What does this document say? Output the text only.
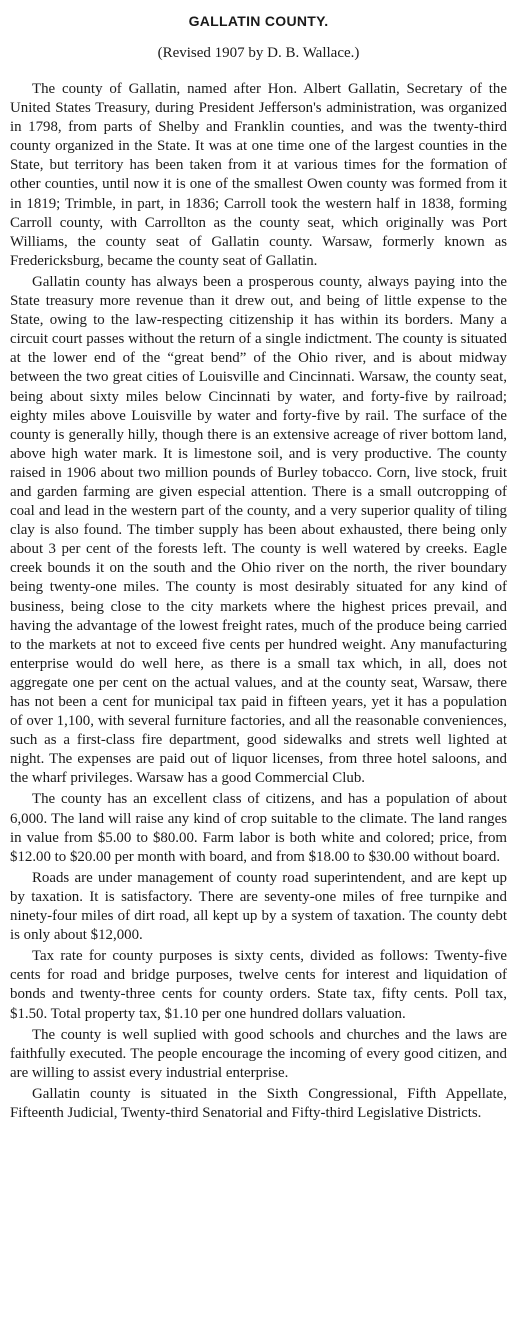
GALLATIN COUNTY.
(Revised 1907 by D. B. Wallace.)

The county of Gallatin, named after Hon. Albert Gallatin, Secretary of the United States Treasury, during President Jefferson's administration, was organized in 1798, from parts of Shelby and Franklin counties, and was the twenty-third county organized in the State. It was at one time one of the largest counties in the State, but territory has been taken from it at various times for the formation of other counties, until now it is one of the smallest Owen county was formed from it in 1819; Trimble, in part, in 1836; Carroll took the western half in 1838, forming Carroll county, with Carrollton as the county seat, which originally was Port Williams, the county seat of Gallatin county. Warsaw, formerly known as Fredericksburg, became the county seat of Gallatin.

Gallatin county has always been a prosperous county, always paying into the State treasury more revenue than it drew out, and being of little expense to the State, owing to the law-respecting citizenship it has within its borders. Many a circuit court passes without the return of a single indictment. The county is situated at the lower end of the “great bend” of the Ohio river, and is about midway between the two great cities of Louisville and Cincinnati. Warsaw, the county seat, being about sixty miles below Cincinnati by water, and forty-five by railroad; eighty miles above Louisville by water and forty-five by rail. The surface of the county is generally hilly, though there is an extensive acreage of river bottom land, above high water mark. It is limestone soil, and is very productive. The county raised in 1906 about two million pounds of Burley tobacco. Corn, live stock, fruit and garden farming are given especial attention. There is a small outcropping of coal and lead in the western part of the county, and a very superior quality of tiling clay is also found. The timber supply has been about exhausted, there being only about 3 per cent of the forests left. The county is well watered by creeks. Eagle creek bounds it on the south and the Ohio river on the north, the river boundary being twenty-one miles. The county is most desirably situated for any kind of business, being close to the city markets where the highest prices prevail, and having the advantage of the lowest freight rates, much of the produce being carried to the markets at not to exceed five cents per hundred weight. Any manufacturing enterprise would do well here, as there is a small tax which, in all, does not aggregate one per cent on the actual values, and at the county seat, Warsaw, there has not been a cent for municipal tax paid in fifteen years, yet it has a population of over 1,100, with several furniture factories, and all the reasonable conveniences, such as a first-class fire department, good sidewalks and strets well lighted at night. The expenses are paid out of liquor licenses, from three hotel saloons, and the wharf privileges. Warsaw has a good Commercial Club.

The county has an excellent class of citizens, and has a population of about 6,000. The land will raise any kind of crop suitable to the climate. The land ranges in value from $5.00 to $80.00. Farm labor is both white and colored; price, from $12.00 to $20.00 per month with board, and from $18.00 to $30.00 without board.

Roads are under management of county road superintendent, and are kept up by taxation. It is satisfactory. There are seventy-one miles of free turnpike and ninety-four miles of dirt road, all kept up by a system of taxation. The county debt is only about $12,000.

Tax rate for county purposes is sixty cents, divided as follows: Twenty-five cents for road and bridge purposes, twelve cents for interest and liquidation of bonds and twenty-three cents for county orders. State tax, fifty cents. Poll tax, $1.50. Total property tax, $1.10 per one hundred dollars valuation.

The county is well suplied with good schools and churches and the laws are faithfully executed. The people encourage the incoming of every good citizen, and are willing to assist every industrial enterprise.

Gallatin county is situated in the Sixth Congressional, Fifth Appellate, Fifteenth Judicial, Twenty-third Senatorial and Fifty-third Legislative Districts.
